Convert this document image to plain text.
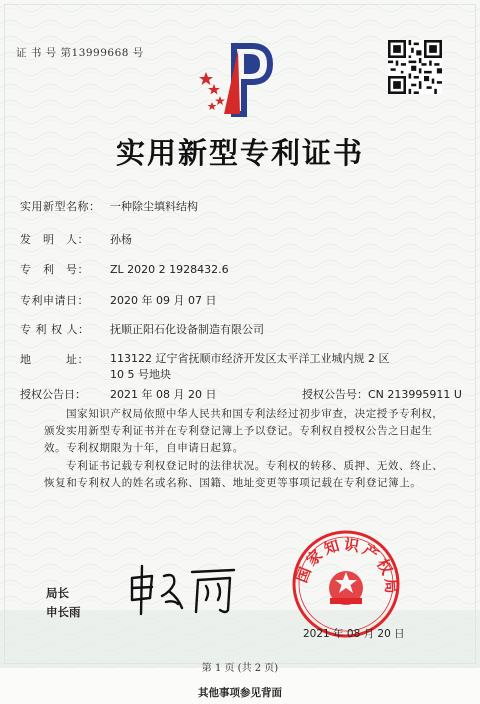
证 书 号 第13999668 号
实用新型专利证书
实用新型名称： 一种除尘填料结构
发　明　人： 孙杨
专　利　号： ZL 2020 2 1928432.6
专利申请日： 2020 年 09 月 07 日
专 利 权 人： 抚顺正阳石化设备制造有限公司
地　　　址：	113122 辽宁省抚顺市经济开发区太平洋工业城内规 2 区 10 5 号地块
授权公告日： 2021 年 08 月 20 日	授权公告号：CN 213995911 U
国家知识产权局依照中华人民共和国专利法经过初步审查，决定授予专利权，颁发实用新型专利证书并在专利登记簿上予以登记。专利权自授权公告之日起生效。专利权期限为十年，自申请日起算。
专利证书记载专利权登记时的法律状况。专利权的转移、质押、无效、终止、恢复和专利权人的姓名或名称、国籍、地址变更等事项记载在专利登记簿上。
国家知识产权局
2021 年 08 月 20 日
局长
申长雨
第 1 页 (共 2 页)
其他事项参见背面
